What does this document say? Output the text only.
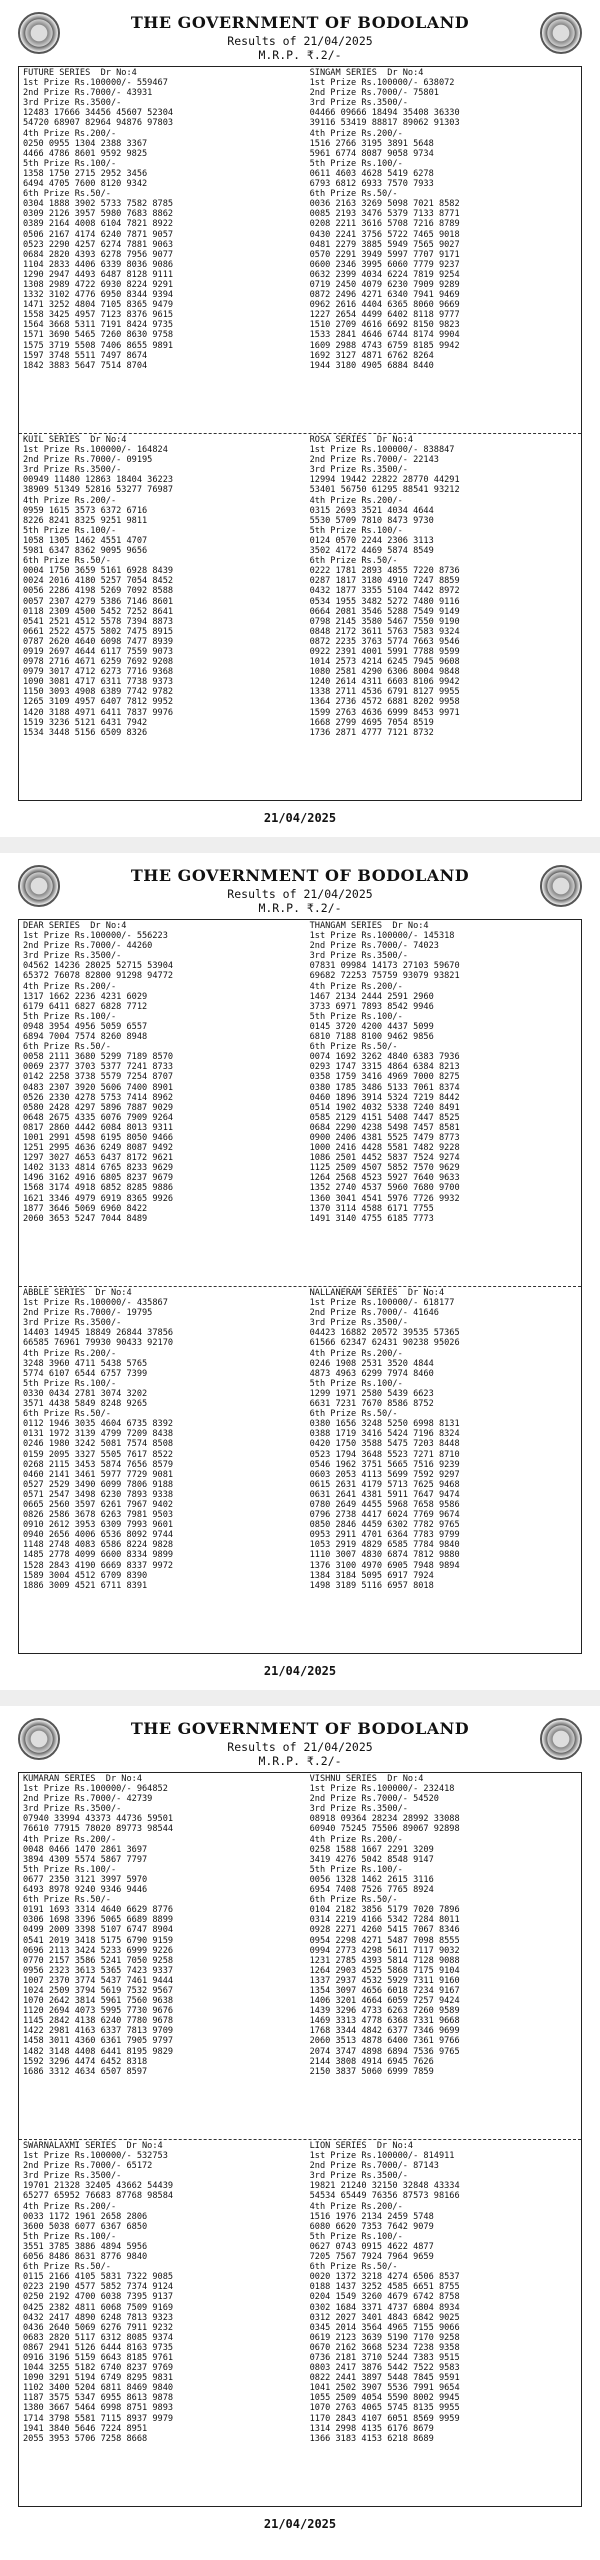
THE GOVERNMENT OF BODOLAND
Results of 21/04/2025
M.R.P. ₹.2/-
FUTURE SERIES  Dr No:4
1st Prize Rs.100000/- 559467
2nd Prize Rs.7000/- 43931
3rd Prize Rs.3500/-
12483 17666 34456 45607 52304
54720 68907 82964 94876 97803
4th Prize Rs.200/-
0250 0955 1304 2388 3367
4466 4786 8601 9592 9825
5th Prize Rs.100/-
1358 1750 2715 2952 3456
6494 4705 7600 8120 9342
6th Prize Rs.50/-
0304 1888 3902 5733 7582 8785
0309 2126 3957 5980 7683 8862
0389 2164 4008 6104 7821 8922
0506 2167 4174 6240 7871 9057
0523 2290 4257 6274 7881 9063
0684 2820 4393 6278 7956 9077
1104 2833 4406 6339 8036 9086
1290 2947 4493 6487 8128 9111
1308 2989 4722 6930 8224 9291
1332 3102 4776 6950 8344 9394
1471 3252 4804 7105 8365 9479
1558 3425 4957 7123 8376 9615
1564 3668 5311 7191 8424 9735
1571 3690 5465 7260 8630 9758
1575 3719 5508 7406 8655 9891
1597 3748 5511 7497 8674
1842 3883 5647 7514 8704
SINGAM SERIES  Dr No:4
1st Prize Rs.100000/- 638072
2nd Prize Rs.7000/- 75801
3rd Prize Rs.3500/-
04466 09666 18494 35408 36330
39116 53419 88817 89062 91303
4th Prize Rs.200/-
1516 2766 3195 3891 5648
5961 6774 8087 9058 9734
5th Prize Rs.100/-
0611 4603 4628 5419 6278
6793 6812 6933 7570 7933
6th Prize Rs.50/-
0036 2163 3269 5098 7021 8582
0085 2193 3476 5379 7133 8771
0208 2211 3616 5708 7216 8789
0430 2241 3756 5722 7465 9018
0481 2279 3885 5949 7565 9027
0570 2291 3949 5997 7707 9171
0600 2346 3995 6060 7779 9237
0632 2399 4034 6224 7819 9254
0719 2450 4079 6230 7909 9289
0872 2496 4271 6340 7941 9469
0962 2616 4404 6365 8060 9669
1227 2654 4499 6402 8118 9777
1510 2709 4616 6692 8150 9823
1533 2841 4646 6744 8174 9904
1609 2988 4743 6759 8185 9942
1692 3127 4871 6762 8264
1944 3180 4905 6884 8440
KUIL SERIES  Dr No:4
1st Prize Rs.100000/- 164824
2nd Prize Rs.7000/- 09195
3rd Prize Rs.3500/-
00949 11480 12863 18404 36223
38909 51349 52816 53277 76987
4th Prize Rs.200/-
0959 1615 3573 6372 6716
8226 8241 8325 9251 9811
5th Prize Rs.100/-
1058 1305 1462 4551 4707
5981 6347 8362 9095 9656
6th Prize Rs.50/-
0004 1750 3659 5161 6928 8439
0024 2016 4180 5257 7054 8452
0056 2286 4198 5269 7092 8588
0057 2307 4279 5386 7146 8601
0118 2309 4500 5452 7252 8641
0541 2521 4512 5578 7394 8873
0661 2522 4575 5802 7475 8915
0787 2620 4640 6098 7477 8939
0919 2697 4644 6117 7559 9073
0978 2716 4671 6259 7692 9208
0979 3017 4712 6273 7716 9368
1090 3081 4717 6311 7738 9373
1150 3093 4908 6389 7742 9782
1265 3109 4957 6407 7812 9952
1420 3188 4971 6411 7837 9976
1519 3236 5121 6431 7942
1534 3448 5156 6509 8326
ROSA SERIES  Dr No:4
1st Prize Rs.100000/- 838847
2nd Prize Rs.7000/- 22143
3rd Prize Rs.3500/-
12994 19442 22822 28770 44291
53401 56750 61295 88541 93212
4th Prize Rs.200/-
0315 2693 3521 4034 4644
5530 5709 7810 8473 9730
5th Prize Rs.100/-
0124 0570 2244 2306 3113
3502 4172 4469 5874 8549
6th Prize Rs.50/-
0222 1781 2893 4855 7220 8736
0287 1817 3180 4910 7247 8859
0432 1877 3355 5104 7442 8972
0534 1955 3482 5272 7480 9116
0664 2081 3546 5288 7549 9149
0798 2145 3580 5467 7550 9190
0848 2172 3611 5763 7583 9324
0872 2235 3763 5774 7663 9546
0922 2391 4001 5991 7788 9599
1014 2573 4214 6245 7945 9608
1080 2581 4290 6306 8004 9848
1240 2614 4311 6603 8106 9942
1338 2711 4536 6791 8127 9955
1364 2736 4572 6881 8202 9958
1599 2763 4636 6999 8453 9971
1668 2799 4695 7054 8519
1736 2871 4777 7121 8732
21/04/2025
THE GOVERNMENT OF BODOLAND
Results of 21/04/2025
M.R.P. ₹.2/-
DEAR SERIES  Dr No:4
1st Prize Rs.100000/- 556223
2nd Prize Rs.7000/- 44260
3rd Prize Rs.3500/-
04562 14236 28025 52715 53904
65372 76078 82800 91298 94772
4th Prize Rs.200/-
1317 1662 2236 4231 6029
6179 6411 6827 6828 7712
5th Prize Rs.100/-
0948 3954 4956 5059 6557
6894 7004 7574 8260 8948
6th Prize Rs.50/-
0058 2111 3680 5299 7189 8570
0069 2377 3703 5377 7241 8733
0142 2258 3738 5579 7254 8707
0483 2307 3920 5606 7400 8901
0526 2330 4278 5753 7414 8962
0580 2428 4297 5896 7887 9029
0648 2675 4335 6076 7909 9264
0817 2860 4442 6084 8013 9311
1001 2991 4598 6195 8050 9466
1251 2995 4636 6249 8087 9492
1297 3027 4653 6437 8172 9621
1402 3133 4814 6765 8233 9629
1496 3162 4916 6805 8237 9679
1568 3174 4918 6852 8285 9886
1621 3346 4979 6919 8365 9926
1877 3646 5069 6960 8422
2060 3653 5247 7044 8489
THANGAM SERIES  Dr No:4
1st Prize Rs.100000/- 145318
2nd Prize Rs.7000/- 74023
3rd Prize Rs.3500/-
07831 09984 14173 27103 59670
69682 72253 75759 93079 93821
4th Prize Rs.200/-
1467 2134 2444 2591 2960
3733 6971 7893 8542 9946
5th Prize Rs.100/-
0145 3720 4200 4437 5099
6810 7188 8100 9462 9856
6th Prize Rs.50/-
0074 1692 3262 4840 6383 7936
0293 1747 3315 4864 6384 8213
0358 1759 3416 4969 7000 8275
0380 1785 3486 5133 7061 8374
0460 1896 3914 5324 7219 8442
0514 1902 4032 5338 7240 8491
0585 2129 4151 5408 7447 8525
0684 2290 4238 5498 7457 8581
0900 2406 4381 5525 7479 8773
1000 2416 4428 5581 7482 9228
1086 2501 4452 5837 7524 9274
1125 2509 4507 5852 7570 9629
1264 2568 4523 5927 7640 9633
1352 2740 4537 5960 7680 9700
1360 3041 4541 5976 7726 9932
1370 3114 4588 6171 7755
1491 3140 4755 6185 7773
ABBLE SERIES  Dr No:4
1st Prize Rs.100000/- 435867
2nd Prize Rs.7000/- 19795
3rd Prize Rs.3500/-
14403 14945 18849 26844 37856
66585 76961 79930 90433 92170
4th Prize Rs.200/-
3248 3960 4711 5438 5765
5774 6107 6544 6757 7399
5th Prize Rs.100/-
0330 0434 2781 3074 3202
3571 4438 5849 8248 9265
6th Prize Rs.50/-
0112 1946 3035 4604 6735 8392
0131 1972 3139 4799 7209 8438
0246 1980 3242 5081 7574 8508
0159 2095 3327 5505 7617 8522
0268 2115 3453 5874 7656 8579
0460 2141 3461 5977 7729 9081
0527 2529 3490 6099 7806 9188
0571 2547 3498 6230 7893 9338
0665 2560 3597 6261 7967 9402
0826 2586 3678 6263 7981 9503
0910 2612 3953 6309 7993 9601
0940 2656 4006 6536 8092 9744
1148 2748 4083 6586 8224 9828
1485 2778 4099 6600 8334 9899
1528 2843 4190 6669 8337 9972
1589 3004 4512 6709 8390
1886 3009 4521 6711 8391
NALLANERAM SERIES  Dr No:4
1st Prize Rs.100000/- 618177
2nd Prize Rs.7000/- 41646
3rd Prize Rs.3500/-
04423 16882 20572 39535 57365
61566 62347 62431 90238 95026
4th Prize Rs.200/-
0246 1908 2531 3520 4844
4873 4963 6299 7974 8460
5th Prize Rs.100/-
1299 1971 2580 5439 6623
6631 7231 7670 8586 8752
6th Prize Rs.50/-
0380 1656 3248 5250 6998 8131
0388 1719 3416 5424 7196 8324
0420 1750 3588 5475 7203 8448
0523 1794 3648 5523 7271 8710
0546 1962 3751 5665 7516 9239
0603 2053 4113 5699 7592 9297
0615 2631 4179 5713 7625 9468
0631 2641 4381 5911 7647 9474
0780 2649 4455 5968 7658 9586
0796 2738 4417 6024 7769 9674
0850 2846 4459 6302 7782 9765
0953 2911 4701 6364 7783 9799
1053 2919 4829 6585 7784 9840
1110 3007 4830 6874 7812 9880
1376 3100 4970 6905 7948 9894
1384 3184 5095 6917 7924
1498 3189 5116 6957 8018
21/04/2025
THE GOVERNMENT OF BODOLAND
Results of 21/04/2025
M.R.P. ₹.2/-
KUMARAN SERIES  Dr No:4
1st Prize Rs.100000/- 964852
2nd Prize Rs.7000/- 42739
3rd Prize Rs.3500/-
07940 33994 43373 44736 59501
76610 77915 78020 89773 98544
4th Prize Rs.200/-
0048 0466 1470 2861 3697
3894 4309 5574 5867 7797
5th Prize Rs.100/-
0677 2350 3121 3997 5970
6493 8978 9240 9346 9446
6th Prize Rs.50/-
0191 1693 3314 4640 6629 8776
0306 1698 3396 5065 6689 8899
0499 2009 3398 5107 6747 8904
0541 2019 3418 5175 6790 9159
0696 2113 3424 5233 6999 9226
0770 2157 3586 5241 7050 9258
0956 2323 3613 5365 7423 9337
1007 2370 3774 5437 7461 9444
1024 2509 3794 5619 7532 9567
1070 2642 3814 5961 7560 9638
1120 2694 4073 5995 7730 9676
1145 2842 4138 6240 7780 9678
1422 2981 4163 6337 7813 9709
1458 3011 4360 6361 7905 9797
1482 3148 4408 6441 8195 9829
1592 3296 4474 6452 8318
1686 3312 4634 6507 8597
VISHNU SERIES  Dr No:4
1st Prize Rs.100000/- 232418
2nd Prize Rs.7000/- 54520
3rd Prize Rs.3500/-
08918 09364 28234 28992 33088
60940 75245 75506 89067 92898
4th Prize Rs.200/-
0258 1588 1667 2291 3209
3419 4276 5042 8548 9147
5th Prize Rs.100/-
0056 1328 1462 2615 3116
6954 7408 7526 7765 8924
6th Prize Rs.50/-
0104 2182 3856 5179 7020 7896
0314 2219 4166 5342 7284 8011
0928 2271 4260 5415 7067 8346
0954 2298 4271 5487 7098 8555
0994 2773 4298 5611 7117 9032
1231 2785 4393 5814 7128 9088
1264 2903 4525 5868 7175 9104
1337 2937 4532 5929 7311 9160
1354 3097 4656 6018 7234 9167
1406 3201 4664 6059 7257 9424
1439 3296 4733 6263 7260 9589
1469 3313 4778 6368 7331 9668
1768 3344 4842 6377 7346 9699
2060 3513 4878 6400 7361 9766
2074 3747 4898 6894 7536 9765
2144 3808 4914 6945 7626
2150 3837 5060 6999 7859
SWARNALAXMI SERIES  Dr No:4
1st Prize Rs.100000/- 532753
2nd Prize Rs.7000/- 65172
3rd Prize Rs.3500/-
19701 21328 32405 43662 54439
65277 65952 76683 87768 98584
4th Prize Rs.200/-
0033 1172 1961 2658 2806
3600 5038 6077 6367 6850
5th Prize Rs.100/-
3551 3785 3886 4894 5956
6056 8486 8631 8776 9840
6th Prize Rs.50/-
0115 2166 4105 5831 7322 9085
0223 2190 4577 5852 7374 9124
0250 2192 4700 6038 7395 9137
0425 2382 4811 6068 7509 9169
0432 2417 4890 6248 7813 9323
0436 2640 5069 6276 7911 9232
0683 2820 5117 6312 8085 9374
0867 2941 5126 6444 8163 9735
0916 3196 5159 6643 8185 9761
1044 3255 5182 6740 8237 9769
1090 3291 5194 6749 8295 9831
1102 3400 5204 6811 8469 9840
1187 3575 5347 6955 8613 9878
1380 3667 5464 6998 8751 9893
1714 3798 5581 7115 8937 9979
1941 3840 5646 7224 8951
2055 3953 5706 7258 8668
LION SERIES  Dr No:4
1st Prize Rs.100000/- 814911
2nd Prize Rs.7000/- 87143
3rd Prize Rs.3500/-
19821 21240 32150 32848 43334
54534 65449 76356 87573 98166
4th Prize Rs.200/-
1516 1976 2134 2459 5748
6080 6620 7353 7642 9079
5th Prize Rs.100/-
0627 0743 0915 4622 4877
7205 7567 7924 7964 9659
6th Prize Rs.50/-
0020 1372 3218 4274 6506 8537
0188 1437 3252 4585 6651 8755
0204 1549 3260 4679 6742 8758
0302 1684 3371 4737 6804 8934
0312 2027 3401 4843 6842 9025
0345 2014 3564 4965 7155 9066
0619 2123 3639 5190 7170 9258
0670 2162 3668 5234 7238 9358
0736 2181 3710 5244 7383 9515
0803 2417 3876 5442 7522 9583
0822 2441 3897 5448 7845 9591
1041 2502 3907 5536 7991 9654
1055 2509 4054 5590 8002 9945
1070 2763 4065 5745 8135 9955
1170 2843 4107 6051 8569 9959
1314 2998 4135 6176 8679
1366 3183 4153 6218 8689
21/04/2025
